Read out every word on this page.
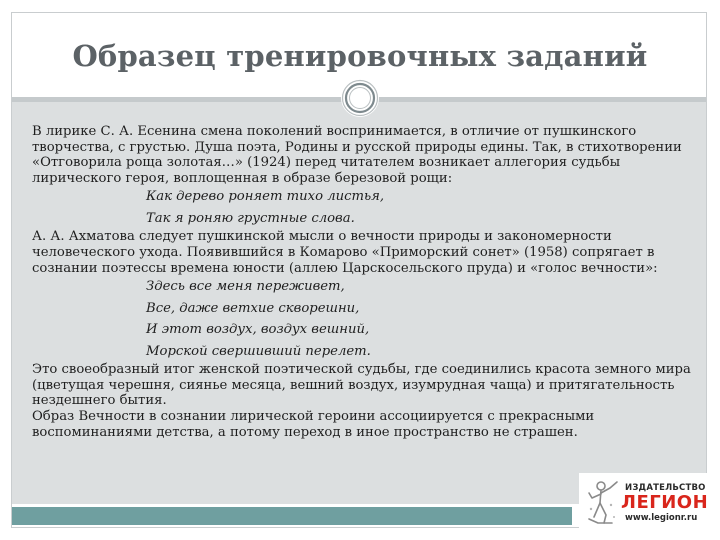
Образец тренировочных заданий

В лирике С. А. Есенина смена поколений воспринимается, в отличие от пушкинского творчества, с грустью. Душа поэта, Родины и русской природы едины. Так, в стихотворении «Отговорила роща золотая…» (1924) перед читателем возникает аллегория судьбы лирического героя, воплощенная в образе березовой рощи:

Как дерево роняет тихо листья,

Так я роняю грустные слова.

А. А. Ахматова следует пушкинской мысли о вечности природы и закономерности человеческого ухода. Появившийся в Комарово «Приморский сонет» (1958) сопрягает в сознании поэтессы времена юности (аллею Царскосельского пруда) и «голос вечности»:

Здесь все меня переживет,

Все, даже ветхие скворешни,

И этот воздух, воздух вешний,

Морской свершивший перелет.

Это своеобразный итог женской поэтической судьбы, где соединились красота земного мира (цветущая черешня, сиянье месяца, вешний воздух, изумрудная чаща) и притягательность нездешнего бытия.

Образ Вечности в сознании лирической героини ассоциируется с прекрасными воспоминаниями детства, а потому переход в иное пространство не страшен.

ИЗДАТЕЛЬСТВО
ЛЕГИОН
www.legionr.ru
